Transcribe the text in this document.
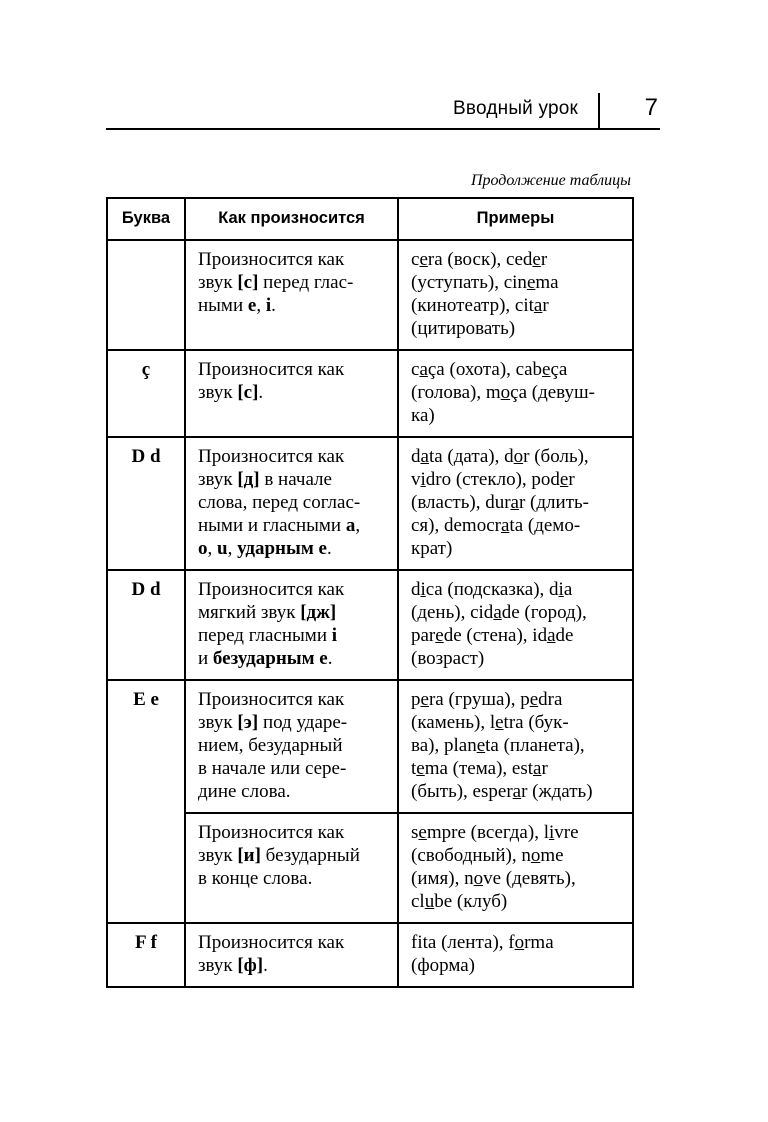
Вводный урок	7
Продолжение таблицы
Буква	Как произносится	Примеры
	Произносится как
звук [с] перед глас-
ными е, i.	cera (воск), ceder
(уступать), cinema
(кинотеатр), citar
(цитировать)
ç	Произносится как
звук [с].	caça (охота), cabeça
(голова), moça (девуш-
ка)
D d	Произносится как
звук [д] в начале
слова, перед соглас-
ными и гласными a,
o, u, ударным е.	data (дата), dor (боль),
vidro (стекло), poder
(власть), durar (длить-
ся), democrata (демо-
крат)
D d	Произносится как
мягкий звук [дж]
перед гласными i
и безударным е.	dica (подсказка), dia
(день), cidade (город),
parede (стена), idade
(возраст)
E e	Произносится как
звук [э] под ударе-
нием, безударный
в начале или сере-
дине слова.	pera (груша), pedra
(камень), letra (бук-
ва), planeta (планета),
tema (тема), estar
(быть), esperar (ждать)
	Произносится как
звук [и] безударный
в конце слова.	sempre (всегда), livre
(свободный), nome
(имя), nove (девять),
clube (клуб)
F f	Произносится как
звук [ф].	fita (лента), forma
(форма)
